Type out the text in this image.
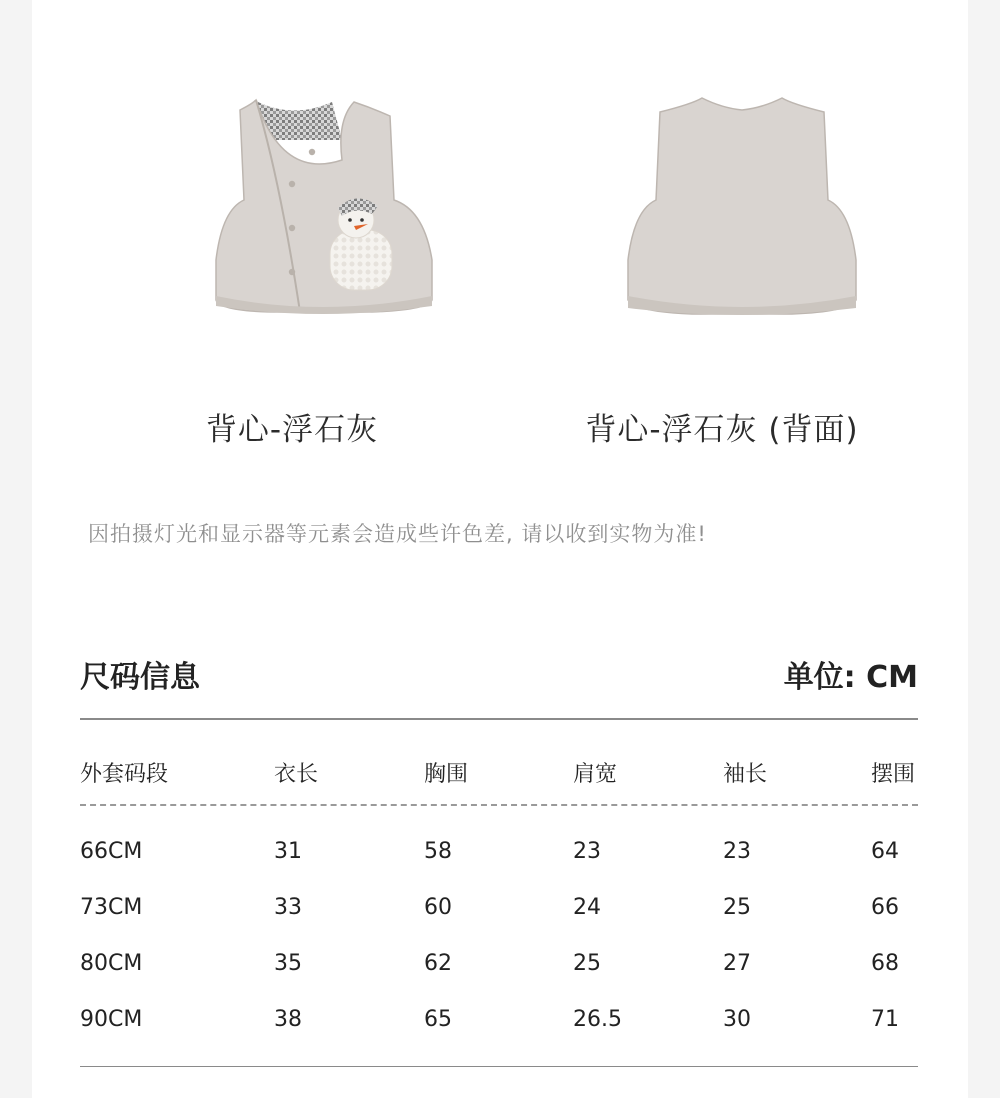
背心-浮石灰	背心-浮石灰 (背面)
因拍摄灯光和显示器等元素会造成些许色差, 请以收到实物为准!
尺码信息	单位: CM
外套码段	衣长	胸围	肩宽	袖长	摆围
66CM	31	58	23	23	64
73CM	33	60	24	25	66
80CM	35	62	25	27	68
90CM	38	65	26.5	30	71
